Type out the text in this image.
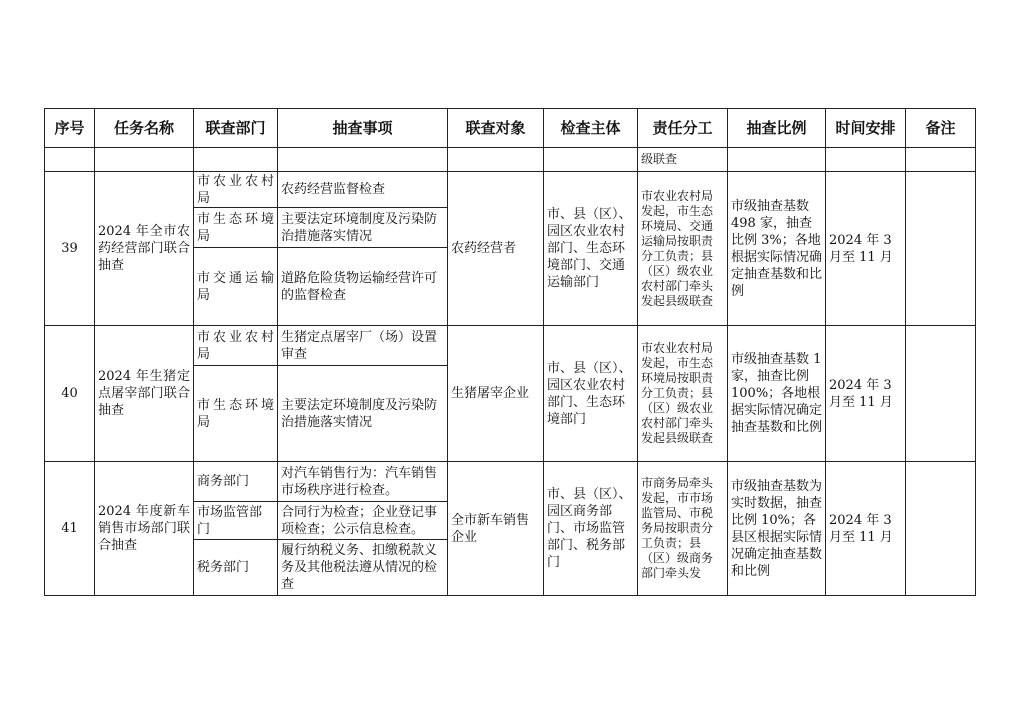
序号	任务名称	联查部门	抽查事项	联查对象	检查主体	责任分工	抽查比例	时间安排	备注
						级联查			
39	2024 年全市农药经营部门联合抽查	市农业农村局	农药经营监督检查	农药经营者	市、县（区）、园区农业农村部门、生态环境部门、交通运输部门	市农业农村局发起，市生态环境局、交通运输局按职责分工负责；县（区）级农业农村部门牵头发起县级联查	市级抽查基数 498 家，抽查比例 3%；各地根据实际情况确定抽查基数和比例	2024 年 3 月至 11 月	
		市生态环境局	主要法定环境制度及污染防治措施落实情况						
		市交通运输局	道路危险货物运输经营许可的监督检查						
40	2024 年生猪定点屠宰部门联合抽查	市农业农村局	生猪定点屠宰厂（场）设置审查	生猪屠宰企业	市、县（区）、园区农业农村部门、生态环境部门	市农业农村局发起，市生态环境局按职责分工负责；县（区）级农业农村部门牵头发起县级联查	市级抽查基数 1 家，抽查比例 100%；各地根据实际情况确定抽查基数和比例	2024 年 3 月至 11 月	
		市生态环境局	主要法定环境制度及污染防治措施落实情况						
41	2024 年度新车销售市场部门联合抽查	商务部门	对汽车销售行为：汽车销售市场秩序进行检查。	全市新车销售企业	市、县（区）、园区商务部门、市场监管部门、税务部门	市商务局牵头发起，市市场监管局、市税务局按职责分工负责；县（区）级商务部门牵头发	市级抽查基数为实时数据，抽查比例 10%；各县区根据实际情况确定抽查基数和比例	2024 年 3 月至 11 月	
		市场监管部门	合同行为检查；企业登记事项检查；公示信息检查。						
		税务部门	履行纳税义务、扣缴税款义务及其他税法遵从情况的检查						
